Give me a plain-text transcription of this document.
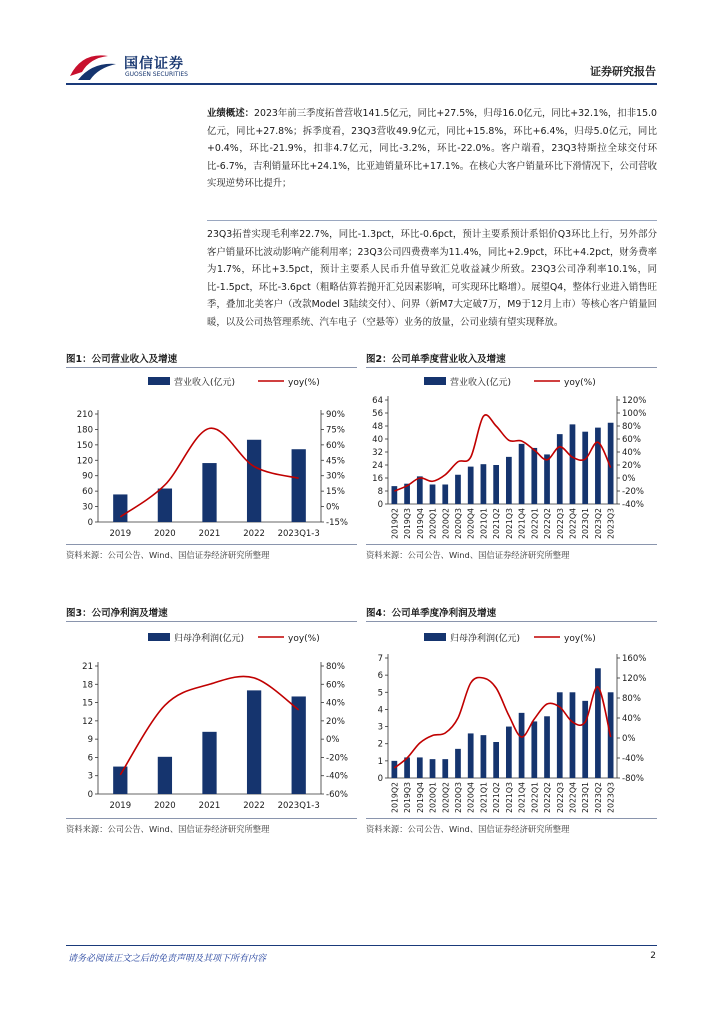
国信证券
GUOSEN SECURITIES	证券研究报告
业绩概述：2023年前三季度拓普营收141.5亿元，同比+27.5%，归母16.0亿元，同比+32.1%，扣非15.0亿元，同比+27.8%；拆季度看，23Q3营收49.9亿元，同比+15.8%，环比+6.4%，归母5.0亿元，同比+0.4%，环比-21.9%，扣非4.7亿元，同比-3.2%，环比-22.0%。客户端看，23Q3特斯拉全球交付环比-6.7%，吉利销量环比+24.1%，比亚迪销量环比+17.1%。在核心大客户销量环比下滑情况下，公司营收实现逆势环比提升；
23Q3拓普实现毛利率22.7%，同比-1.3pct，环比-0.6pct，预计主要系预计系铝价Q3环比上行，另外部分客户销量环比波动影响产能利用率；23Q3公司四费费率为11.4%，同比+2.9pct，环比+4.2pct，财务费率为1.7%，环比+3.5pct，预计主要系人民币升值导致汇兑收益减少所致。23Q3公司净利率10.1%，同比-1.5pct，环比-3.6pct（粗略估算若抛开汇兑因素影响，可实现环比略增）。展望Q4，整体行业进入销售旺季，叠加北美客户（改款Model 3陆续交付）、问界（新M7大定破7万，M9于12月上市）等核心客户销量回暖，以及公司热管理系统、汽车电子（空悬等）业务的放量，公司业绩有望实现释放。
图1：公司营业收入及增速
营业收入(亿元)	yoy(%)
0
30
60
90
120
150
180
210
-15%
0%
15%
30%
45%
60%
75%
90%
2019	2020	2021	2022 2023Q1-3
资料来源：公司公告、Wind、国信证券经济研究所整理
图2：公司单季度营业收入及增速
营业收入(亿元)	yoy(%)
0
8
16
24
32
40
48
56
64
-40%
-20%
0%
20%
40%
60%
80%
100%
120%
2019Q2 2019Q3 2019Q4 2020Q1 2020Q2 2020Q3 2020Q4 2021Q1 2021Q2 2021Q3 2021Q4 2022Q1 2022Q2 2022Q3 2022Q4 2023Q1 2023Q2 2023Q3
资料来源：公司公告、Wind、国信证券经济研究所整理
图3：公司净利润及增速
归母净利润(亿元)	yoy(%)
0
3
6
9
12
15
18
21
-60%
-40%
-20%
0%
20%
40%
60%
80%
2019	2020	2021	2022 2023Q1-3
资料来源：公司公告、Wind、国信证券经济研究所整理
图4：公司单季度净利润及增速
归母净利润(亿元)	yoy(%)
0
1
2
3
4
5
6
7
-80%
-40%
0%
40%
80%
120%
160%
2019Q2 2019Q3 2019Q4 2020Q1 2020Q2 2020Q3 2020Q4 2021Q1 2021Q2 2021Q3 2021Q4 2022Q1 2022Q2 2022Q3 2022Q4 2023Q1 2023Q2 2023Q3
资料来源：公司公告、Wind、国信证券经济研究所整理
请务必阅读正文之后的免责声明及其项下所有内容	2
